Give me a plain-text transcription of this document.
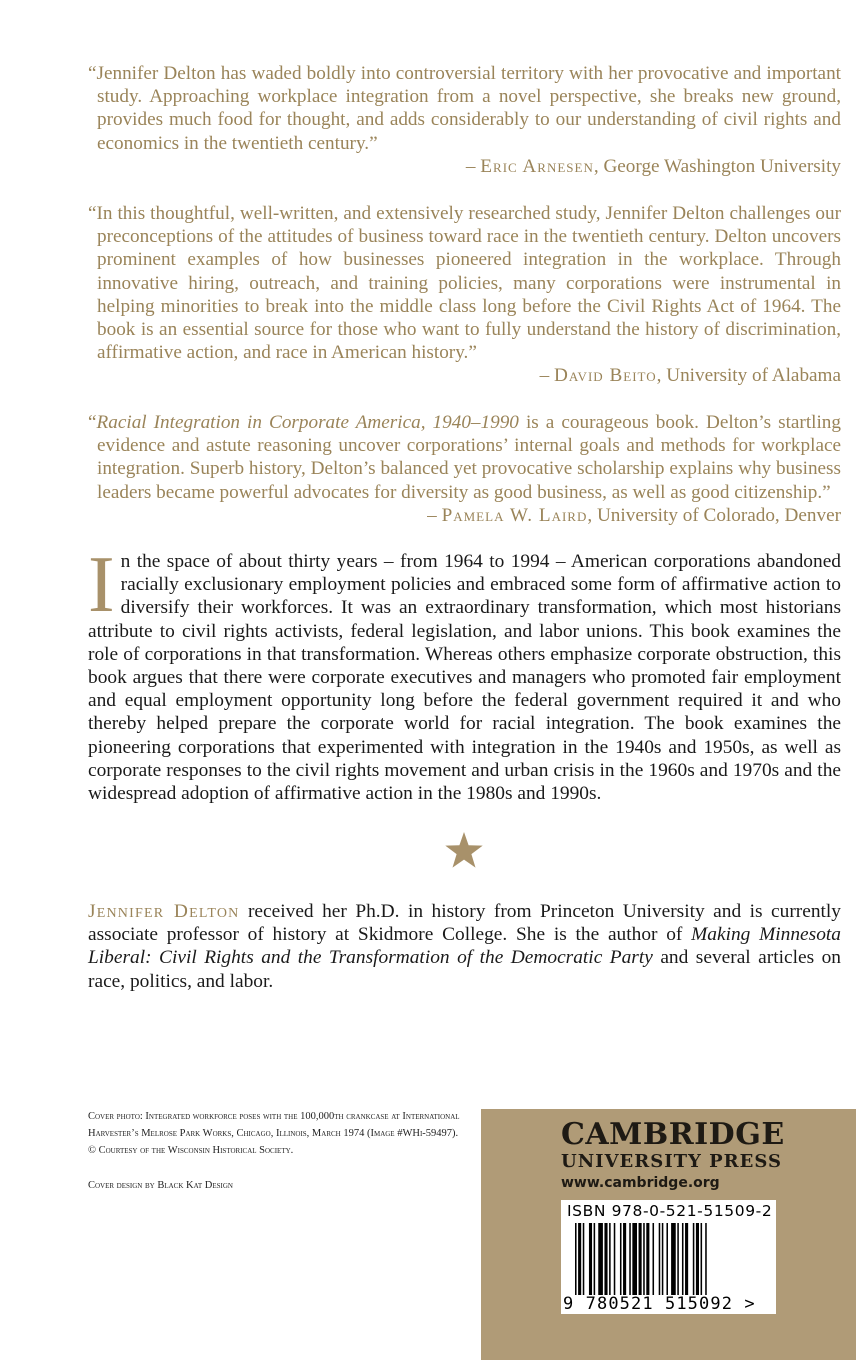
“Jennifer Delton has waded boldly into controversial territory with her provocative and important study. Approaching workplace integration from a novel perspective, she breaks new ground, provides much food for thought, and adds considerably to our understanding of civil rights and economics in the twentieth century.”
– Eric Arnesen, George Washington University
“In this thoughtful, well-written, and extensively researched study, Jennifer Delton challenges our preconceptions of the attitudes of business toward race in the twentieth century. Delton uncovers prominent examples of how businesses pioneered integration in the workplace. Through innovative hiring, outreach, and training policies, many corporations were instrumental in helping minorities to break into the middle class long before the Civil Rights Act of 1964. The book is an essential source for those who want to fully understand the history of discrimination, affirmative action, and race in American history.”
– David Beito, University of Alabama
“Racial Integration in Corporate America, 1940–1990 is a courageous book. Delton’s startling evidence and astute reasoning uncover corporations’ internal goals and methods for workplace integration. Superb history, Delton’s balanced yet provocative scholarship explains why business leaders became powerful advocates for diversity as good business, as well as good citizenship.”
– Pamela W. Laird, University of Colorado, Denver
In the space of about thirty years – from 1964 to 1994 – American corporations abandoned racially exclusionary employment policies and embraced some form of affirmative action to diversify their workforces. It was an extraordinary transformation, which most historians attribute to civil rights activists, federal legislation, and labor unions. This book examines the role of corporations in that transformation. Whereas others emphasize corporate obstruction, this book argues that there were corporate executives and managers who promoted fair employment and equal employment opportunity long before the federal government required it and who thereby helped prepare the corporate world for racial integration. The book examines the pioneering corporations that experimented with integration in the 1940s and 1950s, as well as corporate responses to the civil rights movement and urban crisis in the 1960s and 1970s and the widespread adoption of affirmative action in the 1980s and 1990s.
Jennifer Delton received her Ph.D. in history from Princeton University and is currently associate professor of history at Skidmore College. She is the author of Making Minnesota Liberal: Civil Rights and the Transformation of the Democratic Party and several articles on race, politics, and labor.

Cover photo: Integrated workforce poses with the 100,000th crankcase at International Harvester’s Melrose Park Works, Chicago, Illinois, March 1974 (Image #WHi-59497).

© Courtesy of the Wisconsin Historical Society.

Cover design by Black Kat Design

CAMBRIDGE
UNIVERSITY PRESS
www.cambridge.org
ISBN 978-0-521-51509-2
9 780521 515092 >
